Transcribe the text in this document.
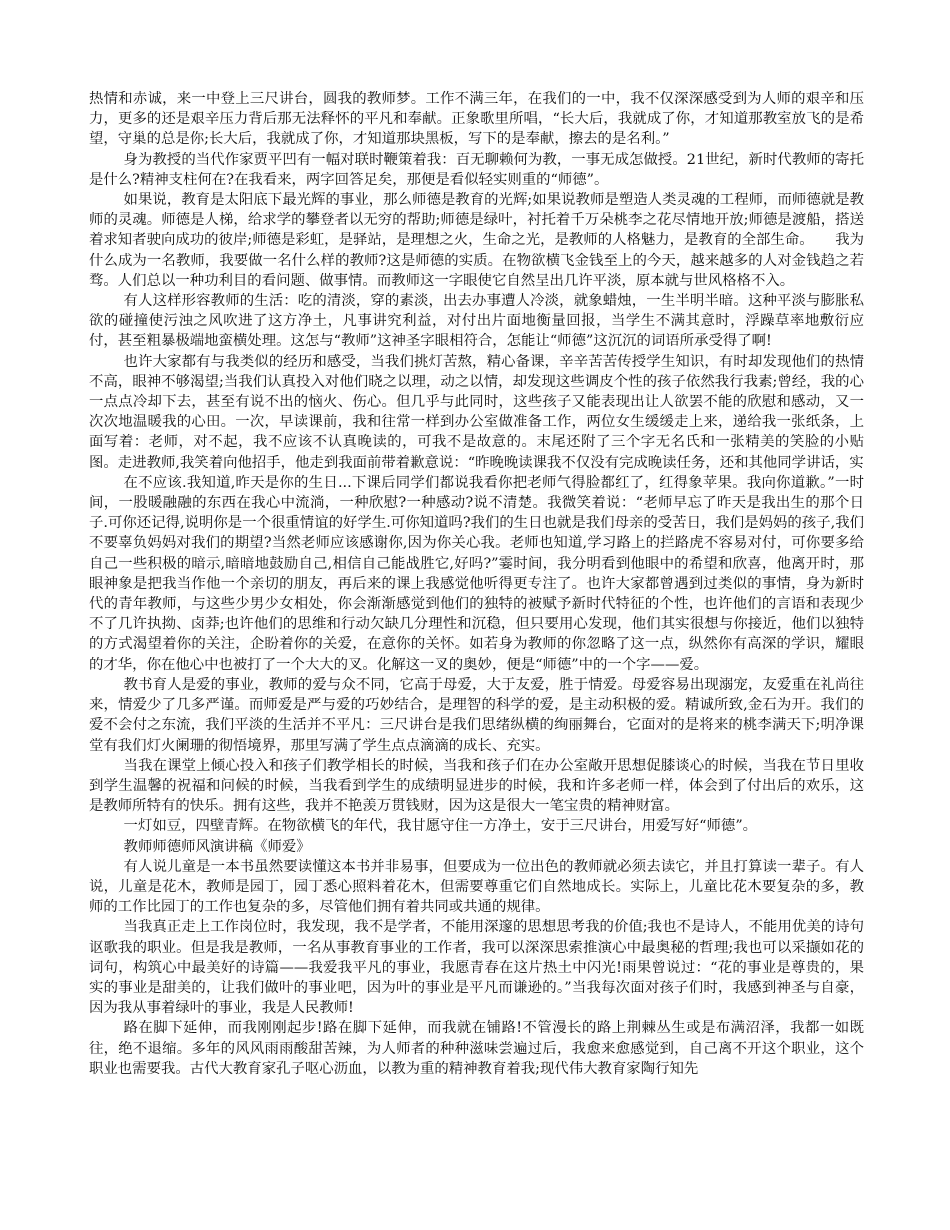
热情和赤诚，来一中登上三尺讲台，圆我的教师梦。工作不满三年，在我们的一中，我不仅深深感受到为人师的艰辛和压力，更多的还是艰辛压力背后那无法释怀的平凡和奉献。正象歌里所唱，“长大后，我就成了你，才知道那教室放飞的是希望，守巢的总是你;长大后，我就成了你，才知道那块黑板，写下的是奉献，擦去的是名利。”

身为教授的当代作家贾平凹有一幅对联时鞭策着我：百无聊赖何为教，一事无成怎做授。21世纪，新时代教师的寄托是什么?精神支柱何在?在我看来，两字回答足矣，那便是看似轻实则重的“师德”。

如果说，教育是太阳底下最光辉的事业，那么师德是教育的光辉;如果说教师是塑造人类灵魂的工程师，而师德就是教师的灵魂。师德是人梯，给求学的攀登者以无穷的帮助;师德是绿叶，衬托着千万朵桃李之花尽情地开放;师德是渡船，搭送着求知者驶向成功的彼岸;师德是彩虹，是驿站，是理想之火，生命之光，是教师的人格魅力，是教育的全部生命。　　我为什么成为一名教师，我要做一名什么样的教师?这是师德的实质。在物欲横飞金钱至上的今天，越来越多的人对金钱趋之若骛。人们总以一种功利目的看问题、做事情。而教师这一字眼使它自然呈出几许平淡，原本就与世风格格不入。

有人这样形容教师的生活：吃的清淡，穿的素淡，出去办事遭人冷淡，就象蜡烛，一生半明半暗。这种平淡与膨胀私欲的碰撞使污浊之风吹进了这方净土，凡事讲究利益，对付出片面地衡量回报，当学生不满其意时，浮躁草率地敷衍应付，甚至粗暴极端地蛮横处理。这怎与“教师”这神圣字眼相符合，怎能让“师德”这沉沉的词语所承受得了啊!

也许大家都有与我类似的经历和感受，当我们挑灯苦熬，精心备课，辛辛苦苦传授学生知识，有时却发现他们的热情不高，眼神不够渴望;当我们认真投入对他们晓之以理，动之以情，却发现这些调皮个性的孩子依然我行我素;曾经，我的心一点点冷却下去，甚至有说不出的恼火、伤心。但几乎与此同时，这些孩子又能表现出让人欲罢不能的欣慰和感动，又一次次地温暖我的心田。一次，早读课前，我和往常一样到办公室做准备工作，两位女生缓缓走上来，递给我一张纸条，上面写着：老师，对不起，我不应该不认真晚读的，可我不是故意的。末尾还附了三个字无名氏和一张精美的笑脸的小贴图。走进教师,我笑着向他招手，他走到我面前带着歉意说：“昨晚晚读课我不仅没有完成晚读任务，还和其他同学讲话，实

在不应该.我知道,昨天是你的生日...下课后同学们都说我看你把老师气得脸都红了，红得象苹果。我向你道歉。”一时间，一股暖融融的东西在我心中流淌，一种欣慰?一种感动?说不清楚。我微笑着说：“老师早忘了昨天是我出生的那个日子.可你还记得,说明你是一个很重情谊的好学生.可你知道吗?我们的生日也就是我们母亲的受苦日，我们是妈妈的孩子,我们不要辜负妈妈对我们的期望?当然老师应该感谢你,因为你关心我。老师也知道,学习路上的拦路虎不容易对付，可你要多给自己一些积极的暗示,暗暗地鼓励自己,相信自己能战胜它,好吗?”霎时间，我分明看到他眼中的希望和欣喜，他离开时，那眼神象是把我当作他一个亲切的朋友，再后来的课上我感觉他听得更专注了。也许大家都曾遇到过类似的事情，身为新时代的青年教师，与这些少男少女相处，你会渐渐感觉到他们的独特的被赋予新时代特征的个性，也许他们的言语和表现少不了几许执拗、卤莽;也许他们的思维和行动欠缺几分理性和沉稳，但只要用心发现，他们其实很想与你接近，他们以独特的方式渴望着你的关注，企盼着你的关爱，在意你的关怀。如若身为教师的你忽略了这一点，纵然你有高深的学识，耀眼的才华，你在他心中也被打了一个大大的叉。化解这一叉的奥妙，便是“师德”中的一个字——爱。

教书育人是爱的事业，教师的爱与众不同，它高于母爱，大于友爱，胜于情爱。母爱容易出现溺宠，友爱重在礼尚往来，情爱少了几多严谨。而师爱是严与爱的巧妙结合，是理智的科学的爱，是主动积极的爱。精诚所致,金石为开。我们的爱不会付之东流，我们平淡的生活并不平凡：三尺讲台是我们思绪纵横的绚丽舞台，它面对的是将来的桃李满天下;明净课堂有我们灯火阑珊的彻悟境界，那里写满了学生点点滴滴的成长、充实。

当我在课堂上倾心投入和孩子们教学相长的时候，当我和孩子们在办公室敞开思想促膝谈心的时候，当我在节日里收到学生温馨的祝福和问候的时候，当我看到学生的成绩明显进步的时候，我和许多老师一样，体会到了付出后的欢乐，这是教师所特有的快乐。拥有这些，我并不艳羡万贯钱财，因为这是很大一笔宝贵的精神财富。

一灯如豆，四壁青辉。在物欲横飞的年代，我甘愿守住一方净土，安于三尺讲台，用爱写好“师德”。

教师师德师风演讲稿《师爱》

有人说儿童是一本书虽然要读懂这本书并非易事，但要成为一位出色的教师就必须去读它，并且打算读一辈子。有人说，儿童是花木，教师是园丁，园丁悉心照料着花木，但需要尊重它们自然地成长。实际上，儿童比花木要复杂的多，教师的工作比园丁的工作也复杂的多，尽管他们拥有着共同或共通的规律。

当我真正走上工作岗位时，我发现，我不是学者，不能用深邃的思想思考我的价值;我也不是诗人，不能用优美的诗句讴歌我的职业。但是我是教师，一名从事教育事业的工作者，我可以深深思索推演心中最奥秘的哲理;我也可以采撷如花的词句，构筑心中最美好的诗篇——我爱我平凡的事业，我愿青春在这片热土中闪光!雨果曾说过：“花的事业是尊贵的，果实的事业是甜美的，让我们做叶的事业吧，因为叶的事业是平凡而谦逊的。”当我每次面对孩子们时，我感到神圣与自豪，因为我从事着绿叶的事业，我是人民教师!

路在脚下延伸，而我刚刚起步!路在脚下延伸，而我就在铺路!不管漫长的路上荆棘丛生或是布满沼泽，我都一如既往，绝不退缩。多年的风风雨雨酸甜苦辣，为人师者的种种滋味尝遍过后，我愈来愈感觉到，自己离不开这个职业，这个职业也需要我。古代大教育家孔子呕心沥血，以教为重的精神教育着我;现代伟大教育家陶行知先
